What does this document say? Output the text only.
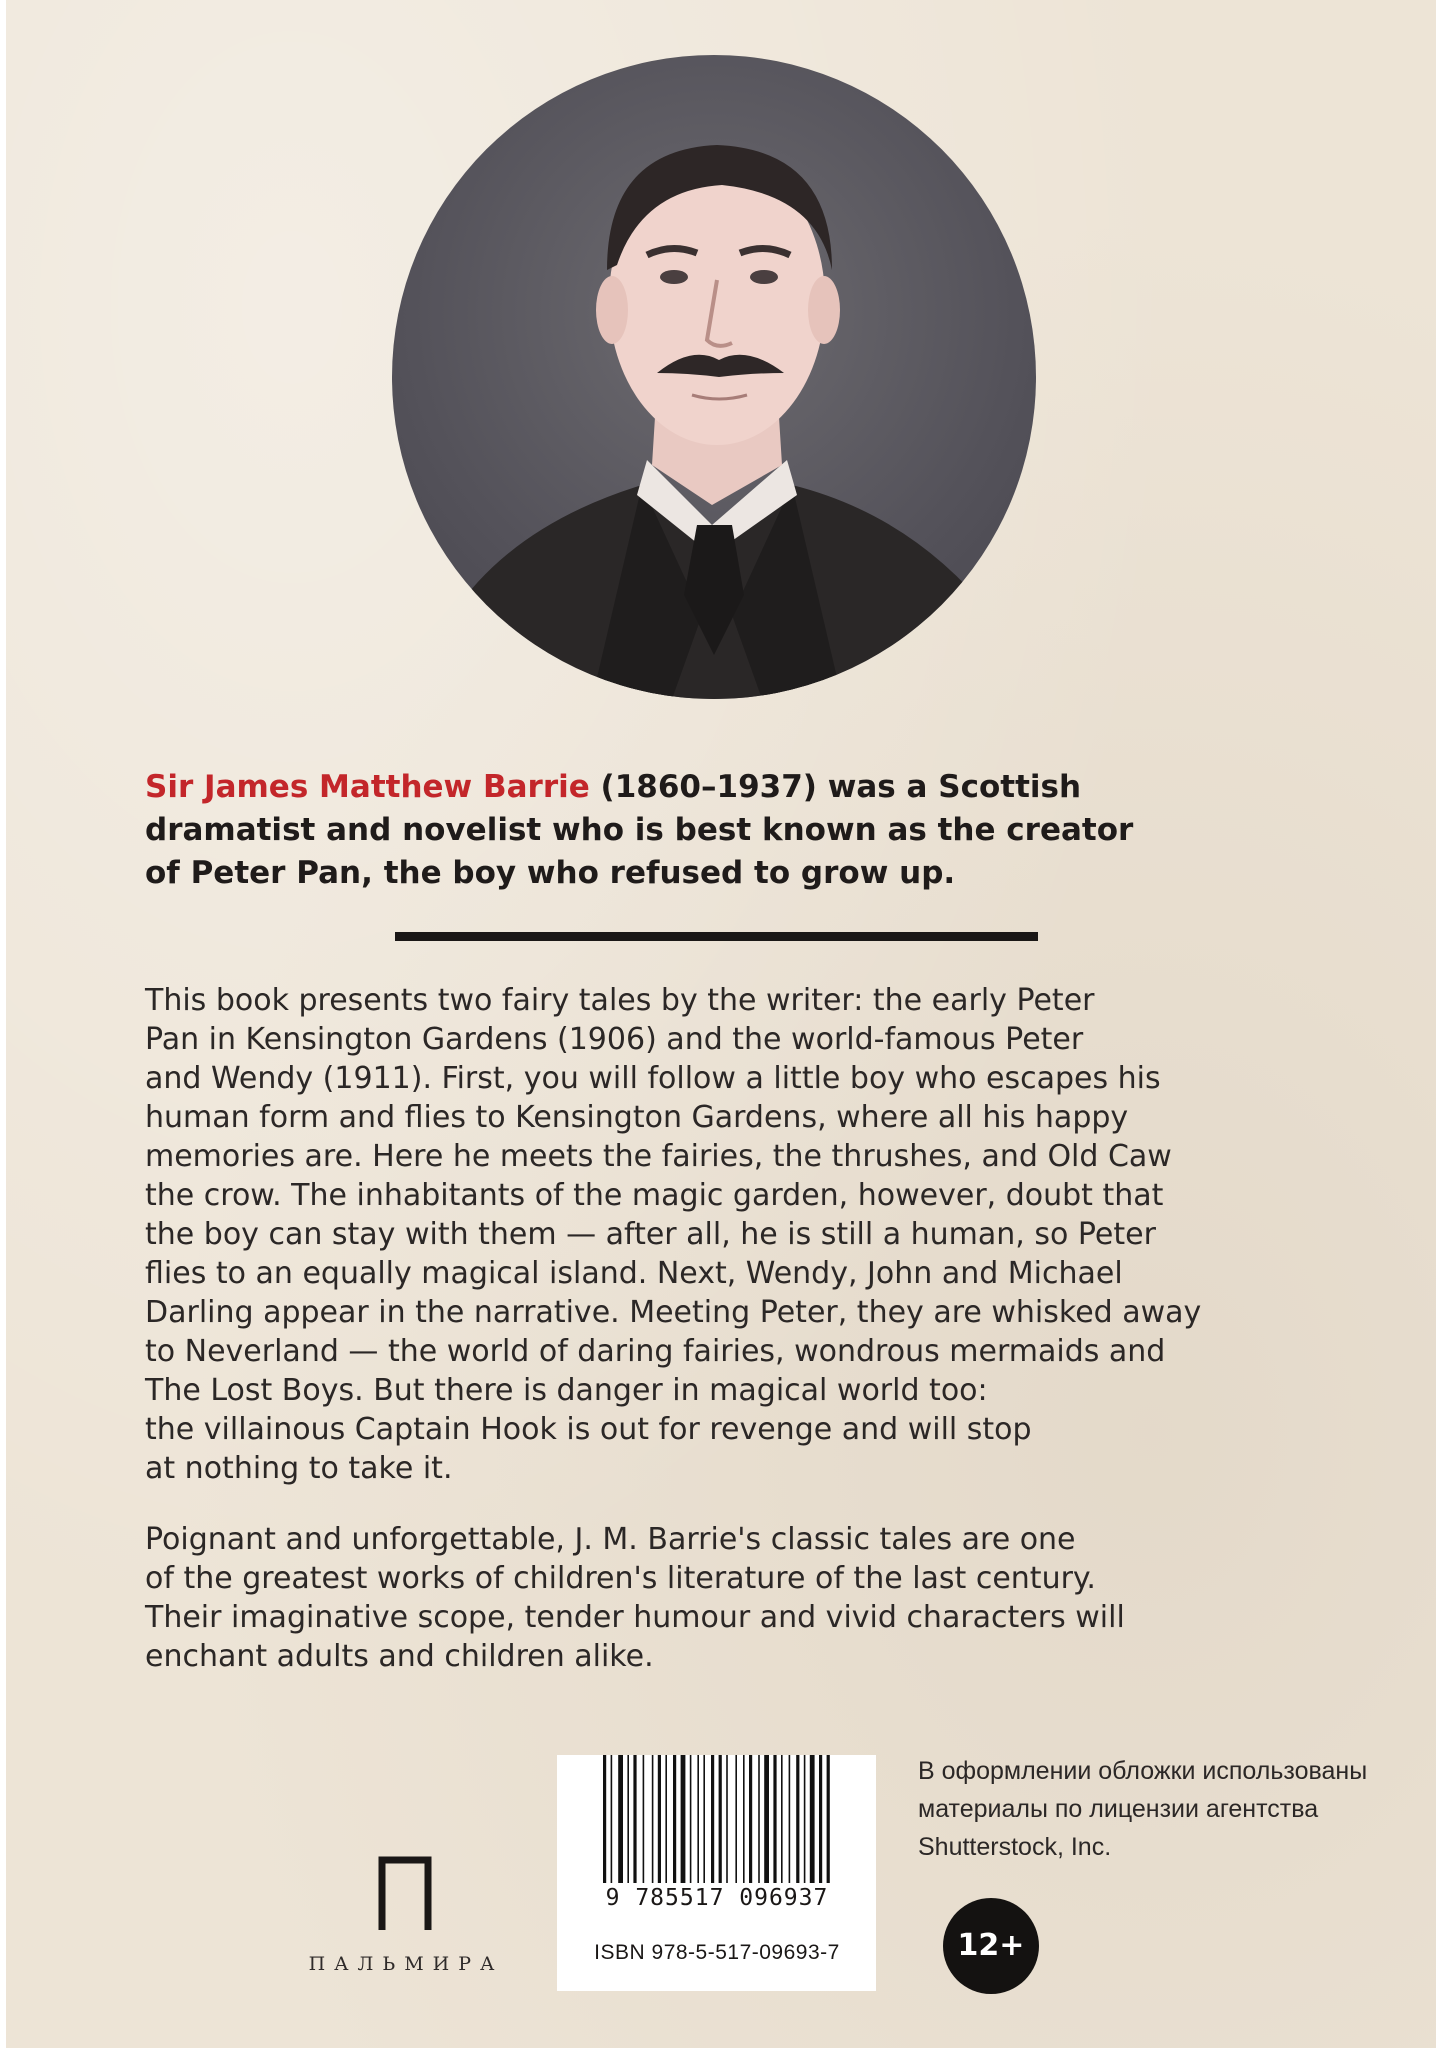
Sir James Matthew Barrie (1860–1937) was a Scottish
dramatist and novelist who is best known as the creator
of Peter Pan, the boy who refused to grow up.

This book presents two fairy tales by the writer: the early Peter
Pan in Kensington Gardens (1906) and the world-famous Peter
and Wendy (1911). First, you will follow a little boy who escapes his
human form and flies to Kensington Gardens, where all his happy
memories are. Here he meets the fairies, the thrushes, and Old Caw
the crow. The inhabitants of the magic garden, however, doubt that
the boy can stay with them — after all, he is still a human, so Peter
flies to an equally magical island. Next, Wendy, John and Michael
Darling appear in the narrative. Meeting Peter, they are whisked away
to Neverland — the world of daring fairies, wondrous mermaids and
The Lost Boys. But there is danger in magical world too:
the villainous Captain Hook is out for revenge and will stop
at nothing to take it.

Poignant and unforgettable, J. M. Barrie's classic tales are one
of the greatest works of children's literature of the last century.
Their imaginative scope, tender humour and vivid characters will
enchant adults and children alike.

ПАЛЬМИРА
9 785517 096937
ISBN 978-5-517-09693-7
В оформлении обложки использованы
материалы по лицензии агентства
Shutterstock, Inc.
12+
